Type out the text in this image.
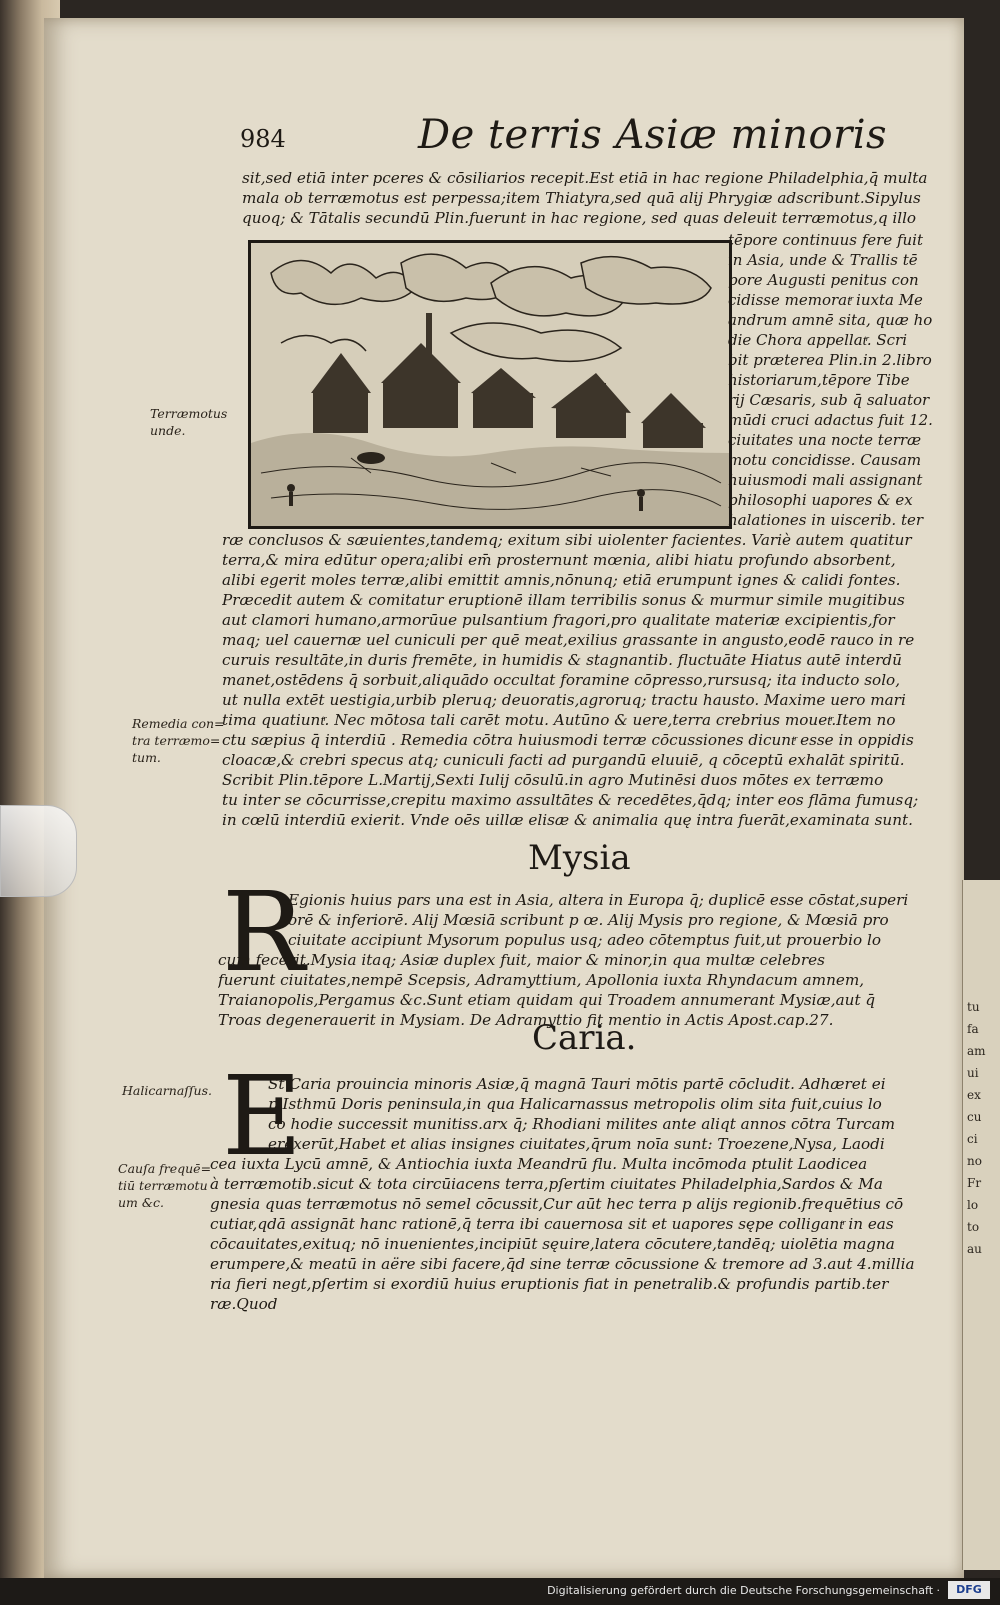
tu
fa
am
ui
ex
cu
ci
no
Fr
lo
to
au
984	De terris Asiæ minoris
sit,sed etiā inter pceres & cōsiliarios recepit.Est etiā in hac regione Philadelphia,q̄ multa
mala ob terræmotus est perpessa;item Thiatyra,sed quā alij Phrygiæ adscribunt.Sipylus
quoq; & Tātalis secundū Plin.fuerunt in hac regione, sed quas deleuit terræmotus,q illo
tēpore continuus fere fuit
in Asia, unde & Trallis tē
pore Augusti penitus con
cidisse memoratͬ iuxta Me
andrum amnē sita, quæ ho
die Chora appellatͬ. Scri
bit præterea Plin.in 2.libro
historiarum,tēpore Tibe
rij Cæsaris, sub q̄ saluator
mūdi cruci adactus fuit 12.
ciuitates una nocte terræ
motu concidisse. Causam
huiusmodi mali assignant
philosophi uapores & ex
halationes in uiscerib. ter
ræ conclusos & sæuientes,tandemq; exitum sibi uiolenter facientes. Variè autem quatitur
terra,& mira edūtur opera;alibi em̄ prosternunt mœnia, alibi hiatu profundo absorbent,
alibi egerit moles terræ,alibi emittit amnis,nōnunq; etiā erumpunt ignes & calidi fontes.
Præcedit autem & comitatur eruptionē illam terribilis sonus & murmur simile mugitibus
aut clamori humano,armorūue pulsantium fragori,pro qualitate materiæ excipientis,for
maq; uel cauernæ uel cuniculi per quē meat,exilius grassante in angusto,eodē rauco in re
curuis resultāte,in duris fremēte, in humidis & stagnantib. fluctuāte Hiatus autē interdū
manet,ostēdens q̄ sorbuit,aliquādo occultat foramine cōpresso,rursusq; ita inducto solo,
ut nulla extēt uestigia,urbib pleruq; deuoratis,agroruq; tractu hausto. Maxime uero mari
tima quatiuntͬ. Nec mōtosa tali carēt motu. Autūno & uere,terra crebrius mouetͬ.Item no
ctu sæpius q̄ interdiū . Remedia cōtra huiusmodi terræ cōcussiones dicuntͬ esse in oppidis
cloacæ,& crebri specus atq; cuniculi facti ad purgandū eluuiē, q cōceptū exhalāt spiritū.
Scribit Plin.tēpore L.Martij,Sexti Iulij cōsulū.in agro Mutinēsi duos mōtes ex terræmo
tu inter se cōcurrisse,crepitu maximo assultātes & recedētes,q̄dq; inter eos flāma fumusq;
in cœlū interdiū exierit. Vnde oēs uillæ elisæ & animalia quę intra fuerāt,examinata sunt.
Terræmotus
unde.
Remedia con=
tra terræmo=
tum.
Mysia
R
Egionis huius pars una est in Asia, altera in Europa q̄; duplicē esse cōstat,superi
orē & inferiorē. Alij Mœsiā scribunt p œ. Alij Mysis pro regione, & Mœsiā pro
ciuitate accipiunt Mysorum populus usq; adeo cōtemptus fuit,ut prouerbio lo
cum fecerit.Mysia itaq; Asiæ duplex fuit, maior & minor,in qua multæ celebres
fuerunt ciuitates,nempē Scepsis, Adramyttium, Apollonia iuxta Rhyndacum amnem,
Traianopolis,Pergamus &c.Sunt etiam quidam qui Troadem annumerant Mysiæ,aut q̄
Troas degenerauerit in Mysiam. De Adramyttio fit mentio in Actis Apost.cap.27.
Caria.
E
Halicarnaſſus.
Cauſa frequē=
tiū terræmotu
um &c.
St Caria prouincia minoris Asiæ,q̄ magnā Tauri mōtis partē cōcludit. Adhæret ei
p Isthmū Doris peninsula,in qua Halicarnassus metropolis olim sita fuit,cuius lo
co hodie successit munitiss.arx q̄; Rhodiani milites ante aliqt annos cōtra Turcam
erexerūt,Habet et alias insignes ciuitates,q̄rum noīa sunt: Troezene,Nysa, Laodi
cea iuxta Lycū amnē, & Antiochia iuxta Meandrū flu. Multa incōmoda ptulit Laodicea
à terræmotib.sicut & tota circūiacens terra,pſertim ciuitates Philadelphia,Sardos & Ma
gnesia quas terræmotus nō semel cōcussit,Cur aūt hec terra p alijs regionib.frequētius cō
cutiatͬ,qdā assignāt hanc rationē,q̄ terra ibi cauernosa sit et uapores sępe colligantͬ in eas
cōcauitates,exituq; nō inuenientes,incipiūt sęuire,latera cōcutere,tandēq; uiolētia magna
erumpere,& meatū in aëre sibi facere,q̄d sine terræ cōcussione & tremore ad 3.aut 4.millia
ria fieri negt,pſertim si exordiū huius eruptionis fiat in penetralib.& profundis partib.ter
ræ.Quod
Digitalisierung gefördert durch die Deutsche Forschungsgemeinschaft ·	DFG
